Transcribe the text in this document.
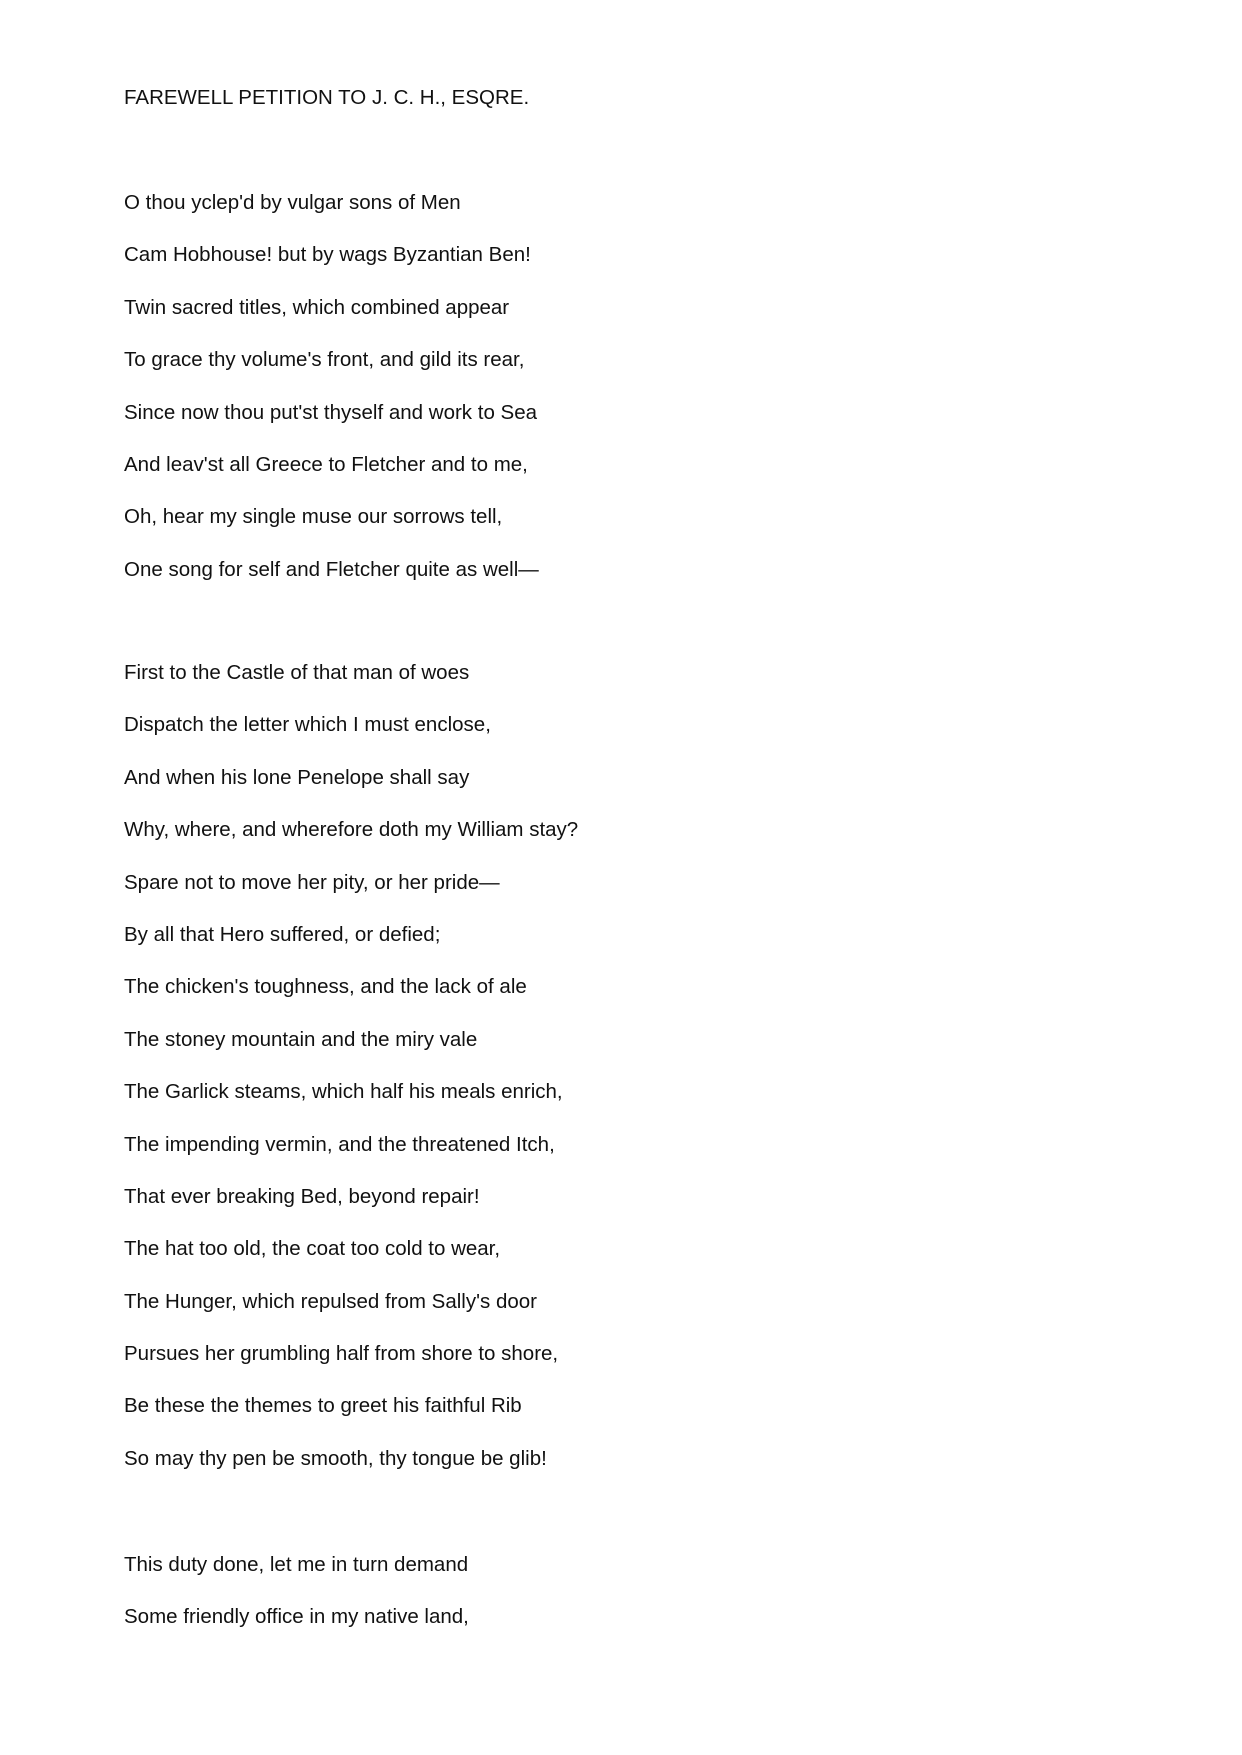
FAREWELL PETITION TO J. C. H., ESQRE.
O thou yclep'd by vulgar sons of Men
Cam Hobhouse! but by wags Byzantian Ben!
Twin sacred titles, which combined appear
To grace thy volume's front, and gild its rear,
Since now thou put'st thyself and work to Sea
And leav'st all Greece to Fletcher and to me,
Oh, hear my single muse our sorrows tell,
One song for self and Fletcher quite as well—
First to the Castle of that man of woes
Dispatch the letter which I must enclose,
And when his lone Penelope shall say
Why, where, and wherefore doth my William stay?
Spare not to move her pity, or her pride—
By all that Hero suffered, or defied;
The chicken's toughness, and the lack of ale
The stoney mountain and the miry vale
The Garlick steams, which half his meals enrich,
The impending vermin, and the threatened Itch,
That ever breaking Bed, beyond repair!
The hat too old, the coat too cold to wear,
The Hunger, which repulsed from Sally's door
Pursues her grumbling half from shore to shore,
Be these the themes to greet his faithful Rib
So may thy pen be smooth, thy tongue be glib!
This duty done, let me in turn demand
Some friendly office in my native land,
